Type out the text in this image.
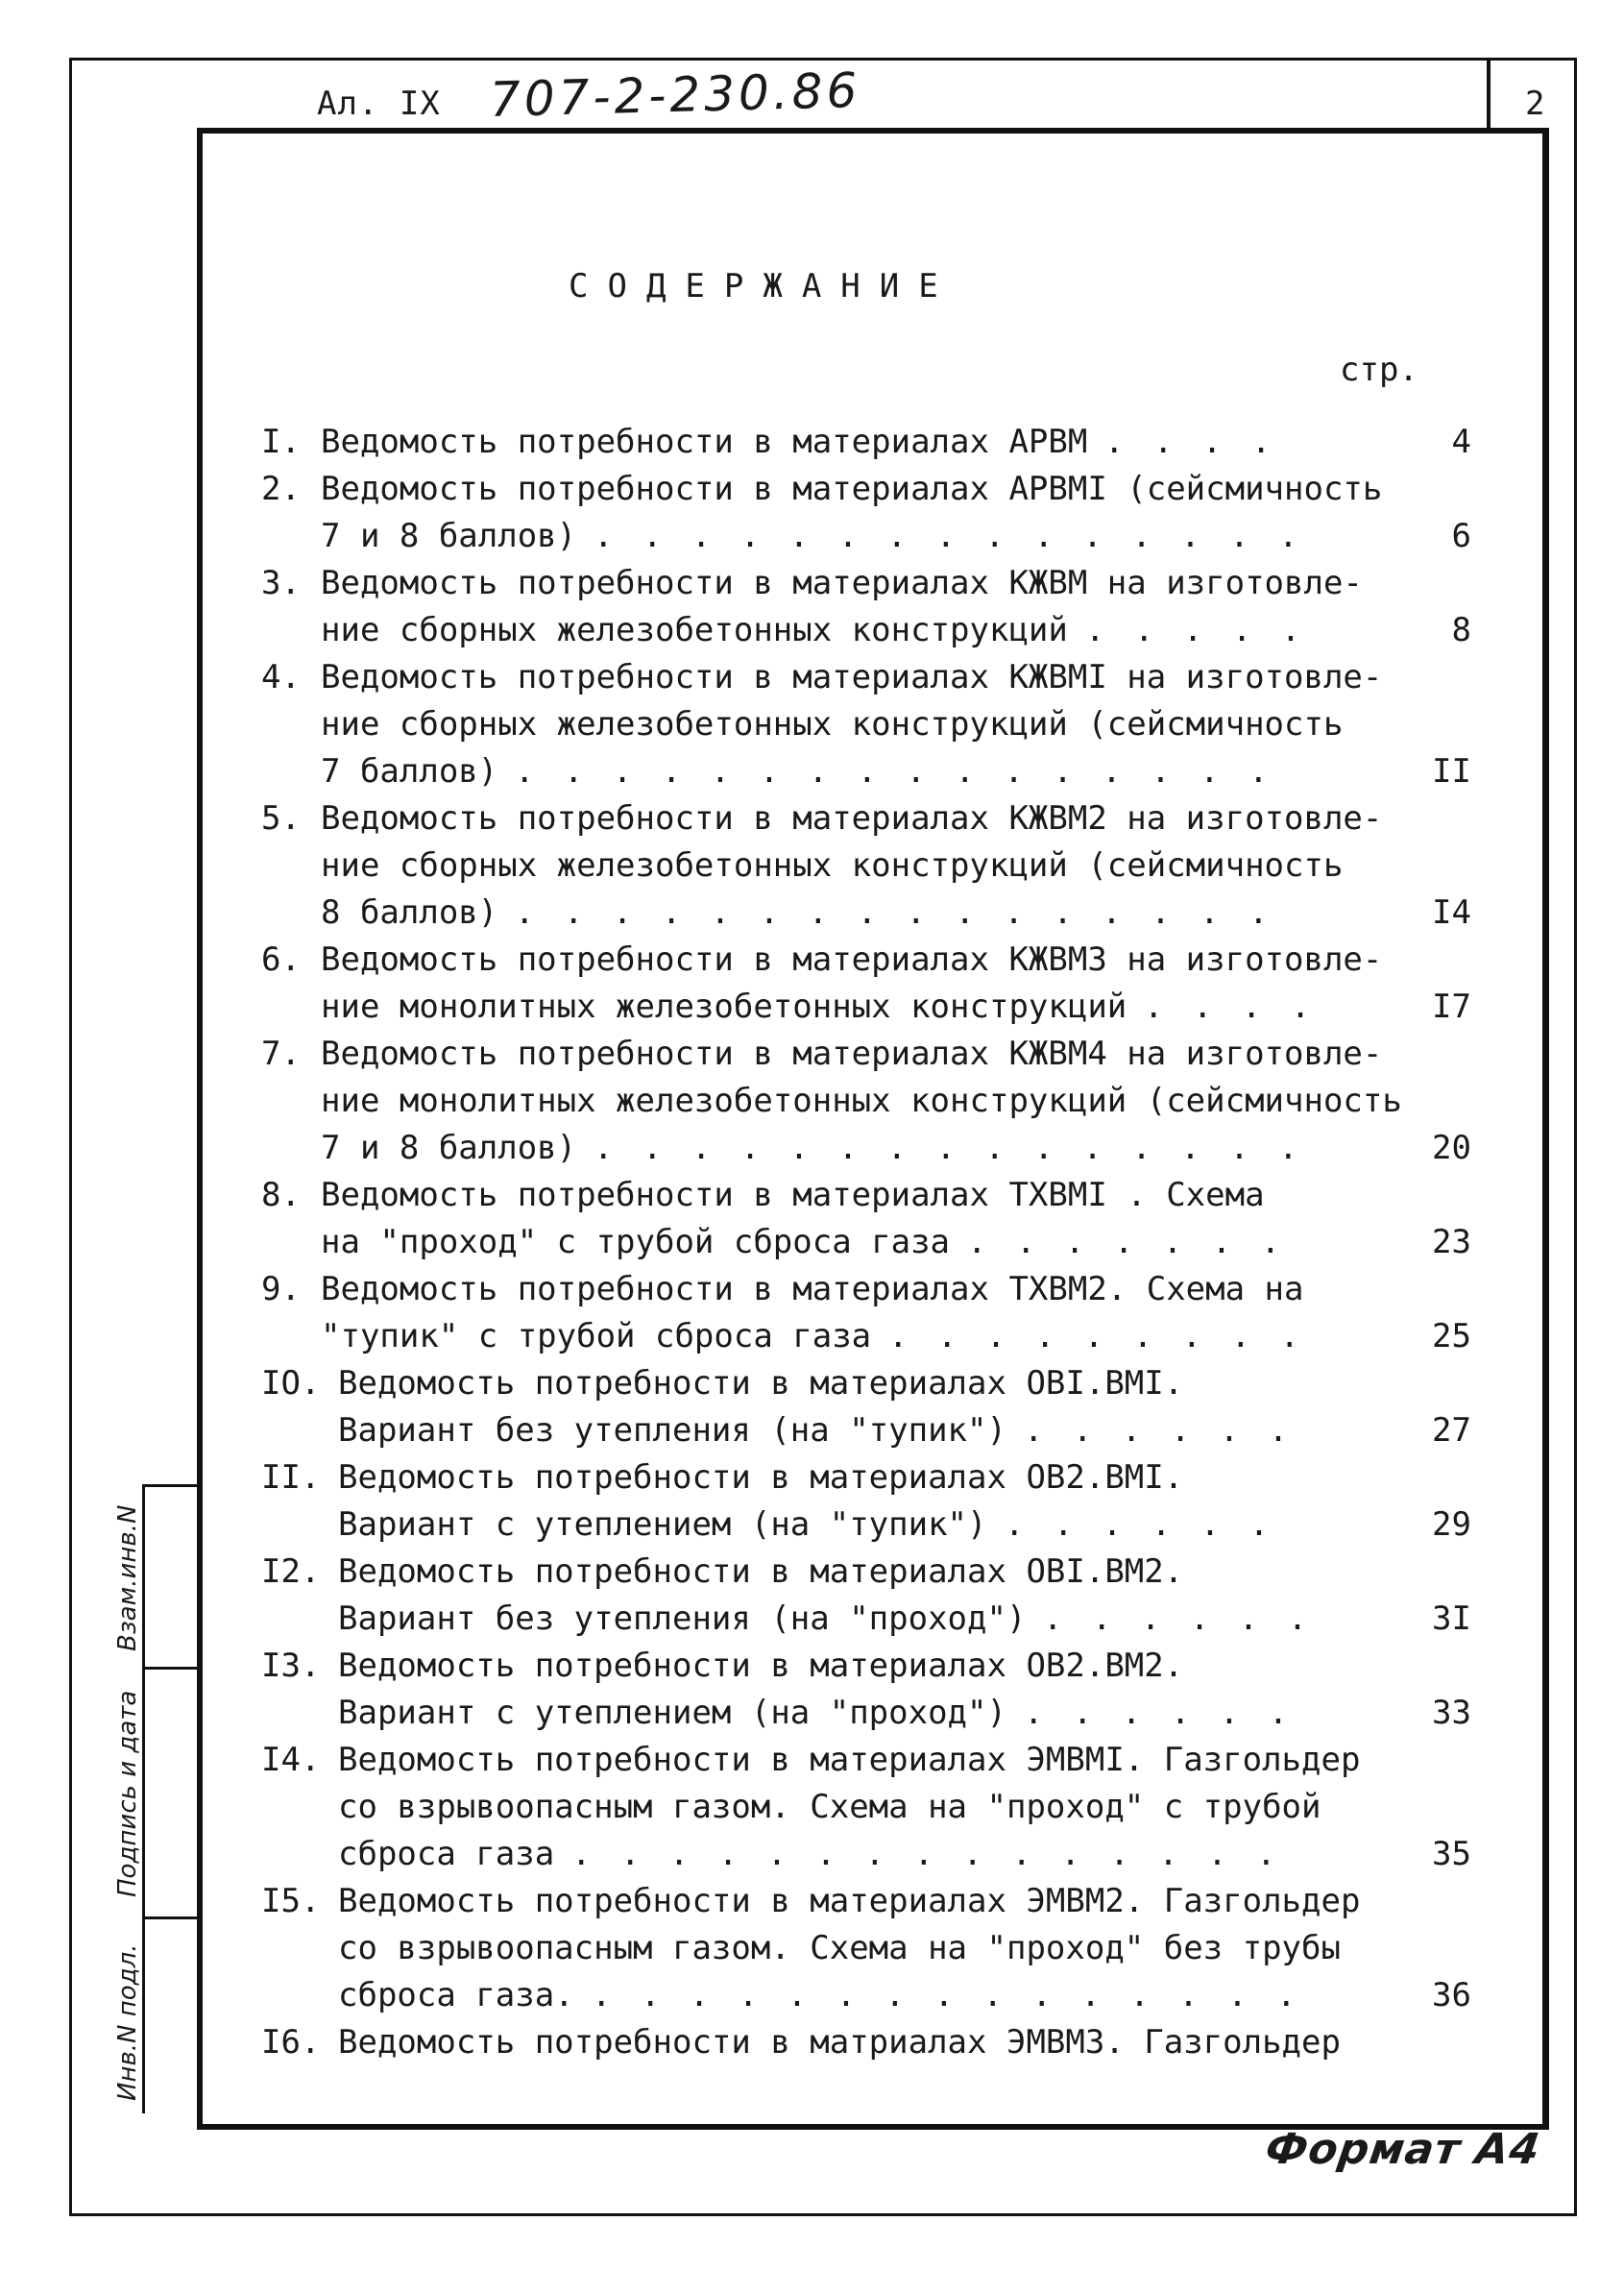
Ал. IX 707-2-230.86	2
СОДЕРЖАНИЕ
стр.
I. Ведомость потребности в материалах АРВМ . . . .	4
2. Ведомость потребности в материалах АРВМI (сейсмичность
7 и 8 баллов) . . . . . . . . . . . . . . .	6
3. Ведомость потребности в материалах КЖВМ на изготовле-
ние сборных железобетонных конструкций . . . . .	8
4. Ведомость потребности в материалах КЖВМI на изготовле-
ние сборных железобетонных конструкций (сейсмичность
7 баллов) . . . . . . . . . . . . . . . .	II
5. Ведомость потребности в материалах КЖВМ2 на изготовле-
ние сборных железобетонных конструкций (сейсмичность
8 баллов) . . . . . . . . . . . . . . . .	I4
6. Ведомость потребности в материалах КЖВМ3 на изготовле-
ние монолитных железобетонных конструкций . . . .	I7
7. Ведомость потребности в материалах КЖВМ4 на изготовле-
ние монолитных железобетонных конструкций (сейсмичность
7 и 8 баллов) . . . . . . . . . . . . . . .	20
8. Ведомость потребности в материалах ТХВМI . Схема
на "проход" с трубой сброса газа . . . . . . .	23
9. Ведомость потребности в материалах ТХВМ2. Схема на
"тупик" с трубой сброса газа . . . . . . . . .	25
IO. Ведомость потребности в материалах ОВI.ВМI.
Вариант без утепления (на "тупик") . . . . . .	27
II. Ведомость потребности в материалах ОВ2.ВМI.
Вариант с утеплением (на "тупик") . . . . . .	29
I2. Ведомость потребности в материалах ОВI.ВМ2.
Вариант без утепления (на "проход") . . . . . .	3I
I3. Ведомость потребности в материалах ОВ2.ВМ2.
Вариант с утеплением (на "проход") . . . . . .	33
I4. Ведомость потребности в материалах ЭМВМI. Газгольдер
со взрывоопасным газом. Схема на "проход" с трубой
сброса газа . . . . . . . . . . . . . . .	35
I5. Ведомость потребности в материалах ЭМВМ2. Газгольдер
со взрывоопасным газом. Схема на "проход" без трубы
сброса газа. . . . . . . . . . . . . . . .	36
I6. Ведомость потребности в матриалах ЭМВМ3. Газгольдер
Инв.N подл.
Подпись и дата
Взам.инв.N
Формат А4
